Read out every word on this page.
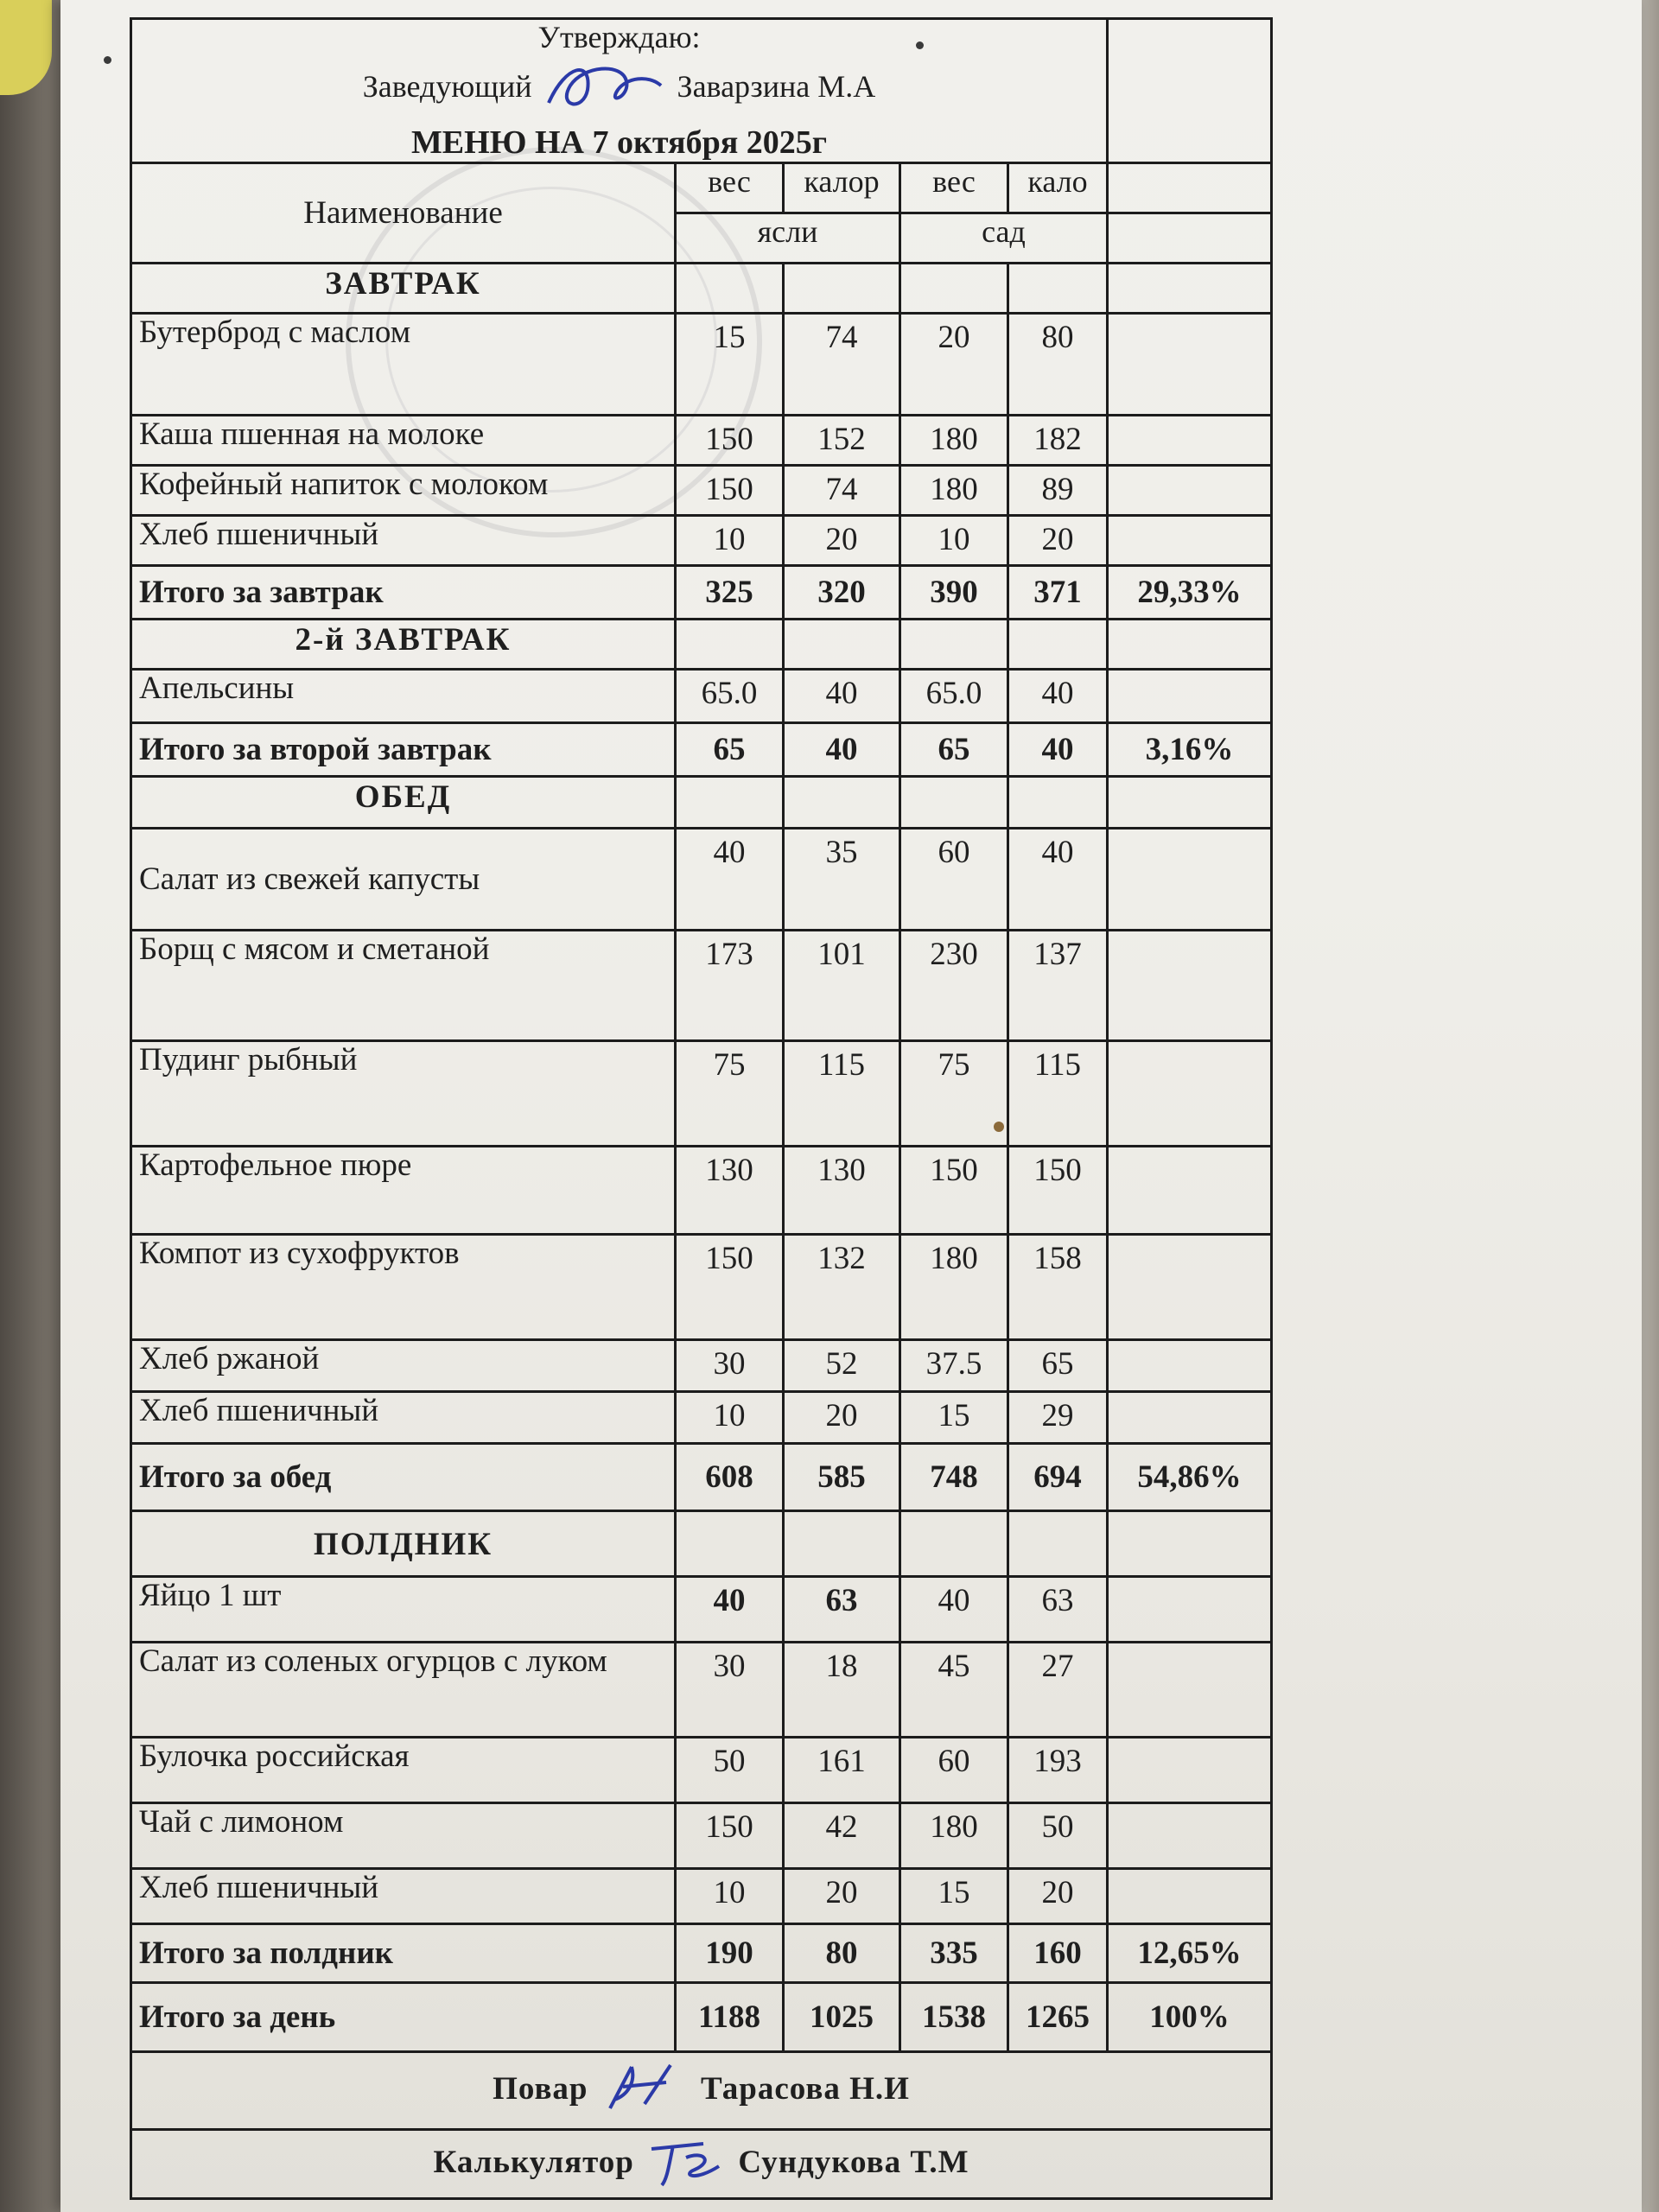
Утверждаю:
Заведующий Заварзина М.А
МЕНЮ НА 7 октября 2025г					

Наименование	вес	калор	вес	кало	
	ясли		сад		
ЗАВТРАК					
Бутерброд с маслом	15	74	20	80	
Каша пшенная на молоке	150	152	180	182	
Кофейный напиток с молоком	150	74	180	89	
Хлеб пшеничный	10	20	10	20	
Итого за завтрак	325	320	390	371	29,33%
2-й ЗАВТРАК					
Апельсины	65.0	40	65.0	40	
Итого за второй завтрак	65	40	65	40	3,16%
ОБЕД					
Салат из свежей капусты	40	35	60	40	
Борщ с мясом и сметаной	173	101	230	137	
Пудинг рыбный	75	115	75	115	
Картофельное пюре	130	130	150	150	
Компот из сухофруктов	150	132	180	158	
Хлеб ржаной	30	52	37.5	65	
Хлеб пшеничный	10	20	15	29	
Итого за обед	608	585	748	694	54,86%
ПОЛДНИК					
Яйцо 1 шт	40	63	40	63	
Салат из соленых огурцов с луком	30	18	45	27	
Булочка российская	50	161	60	193	
Чай с лимоном	150	42	180	50	
Хлеб пшеничный	10	20	15	20	
Итого за полдник	190	80	335	160	12,65%
Итого за день	1188	1025	1538	1265	100%
Повар Тарасова Н.И					
Калькулятор Сундукова Т.М					
